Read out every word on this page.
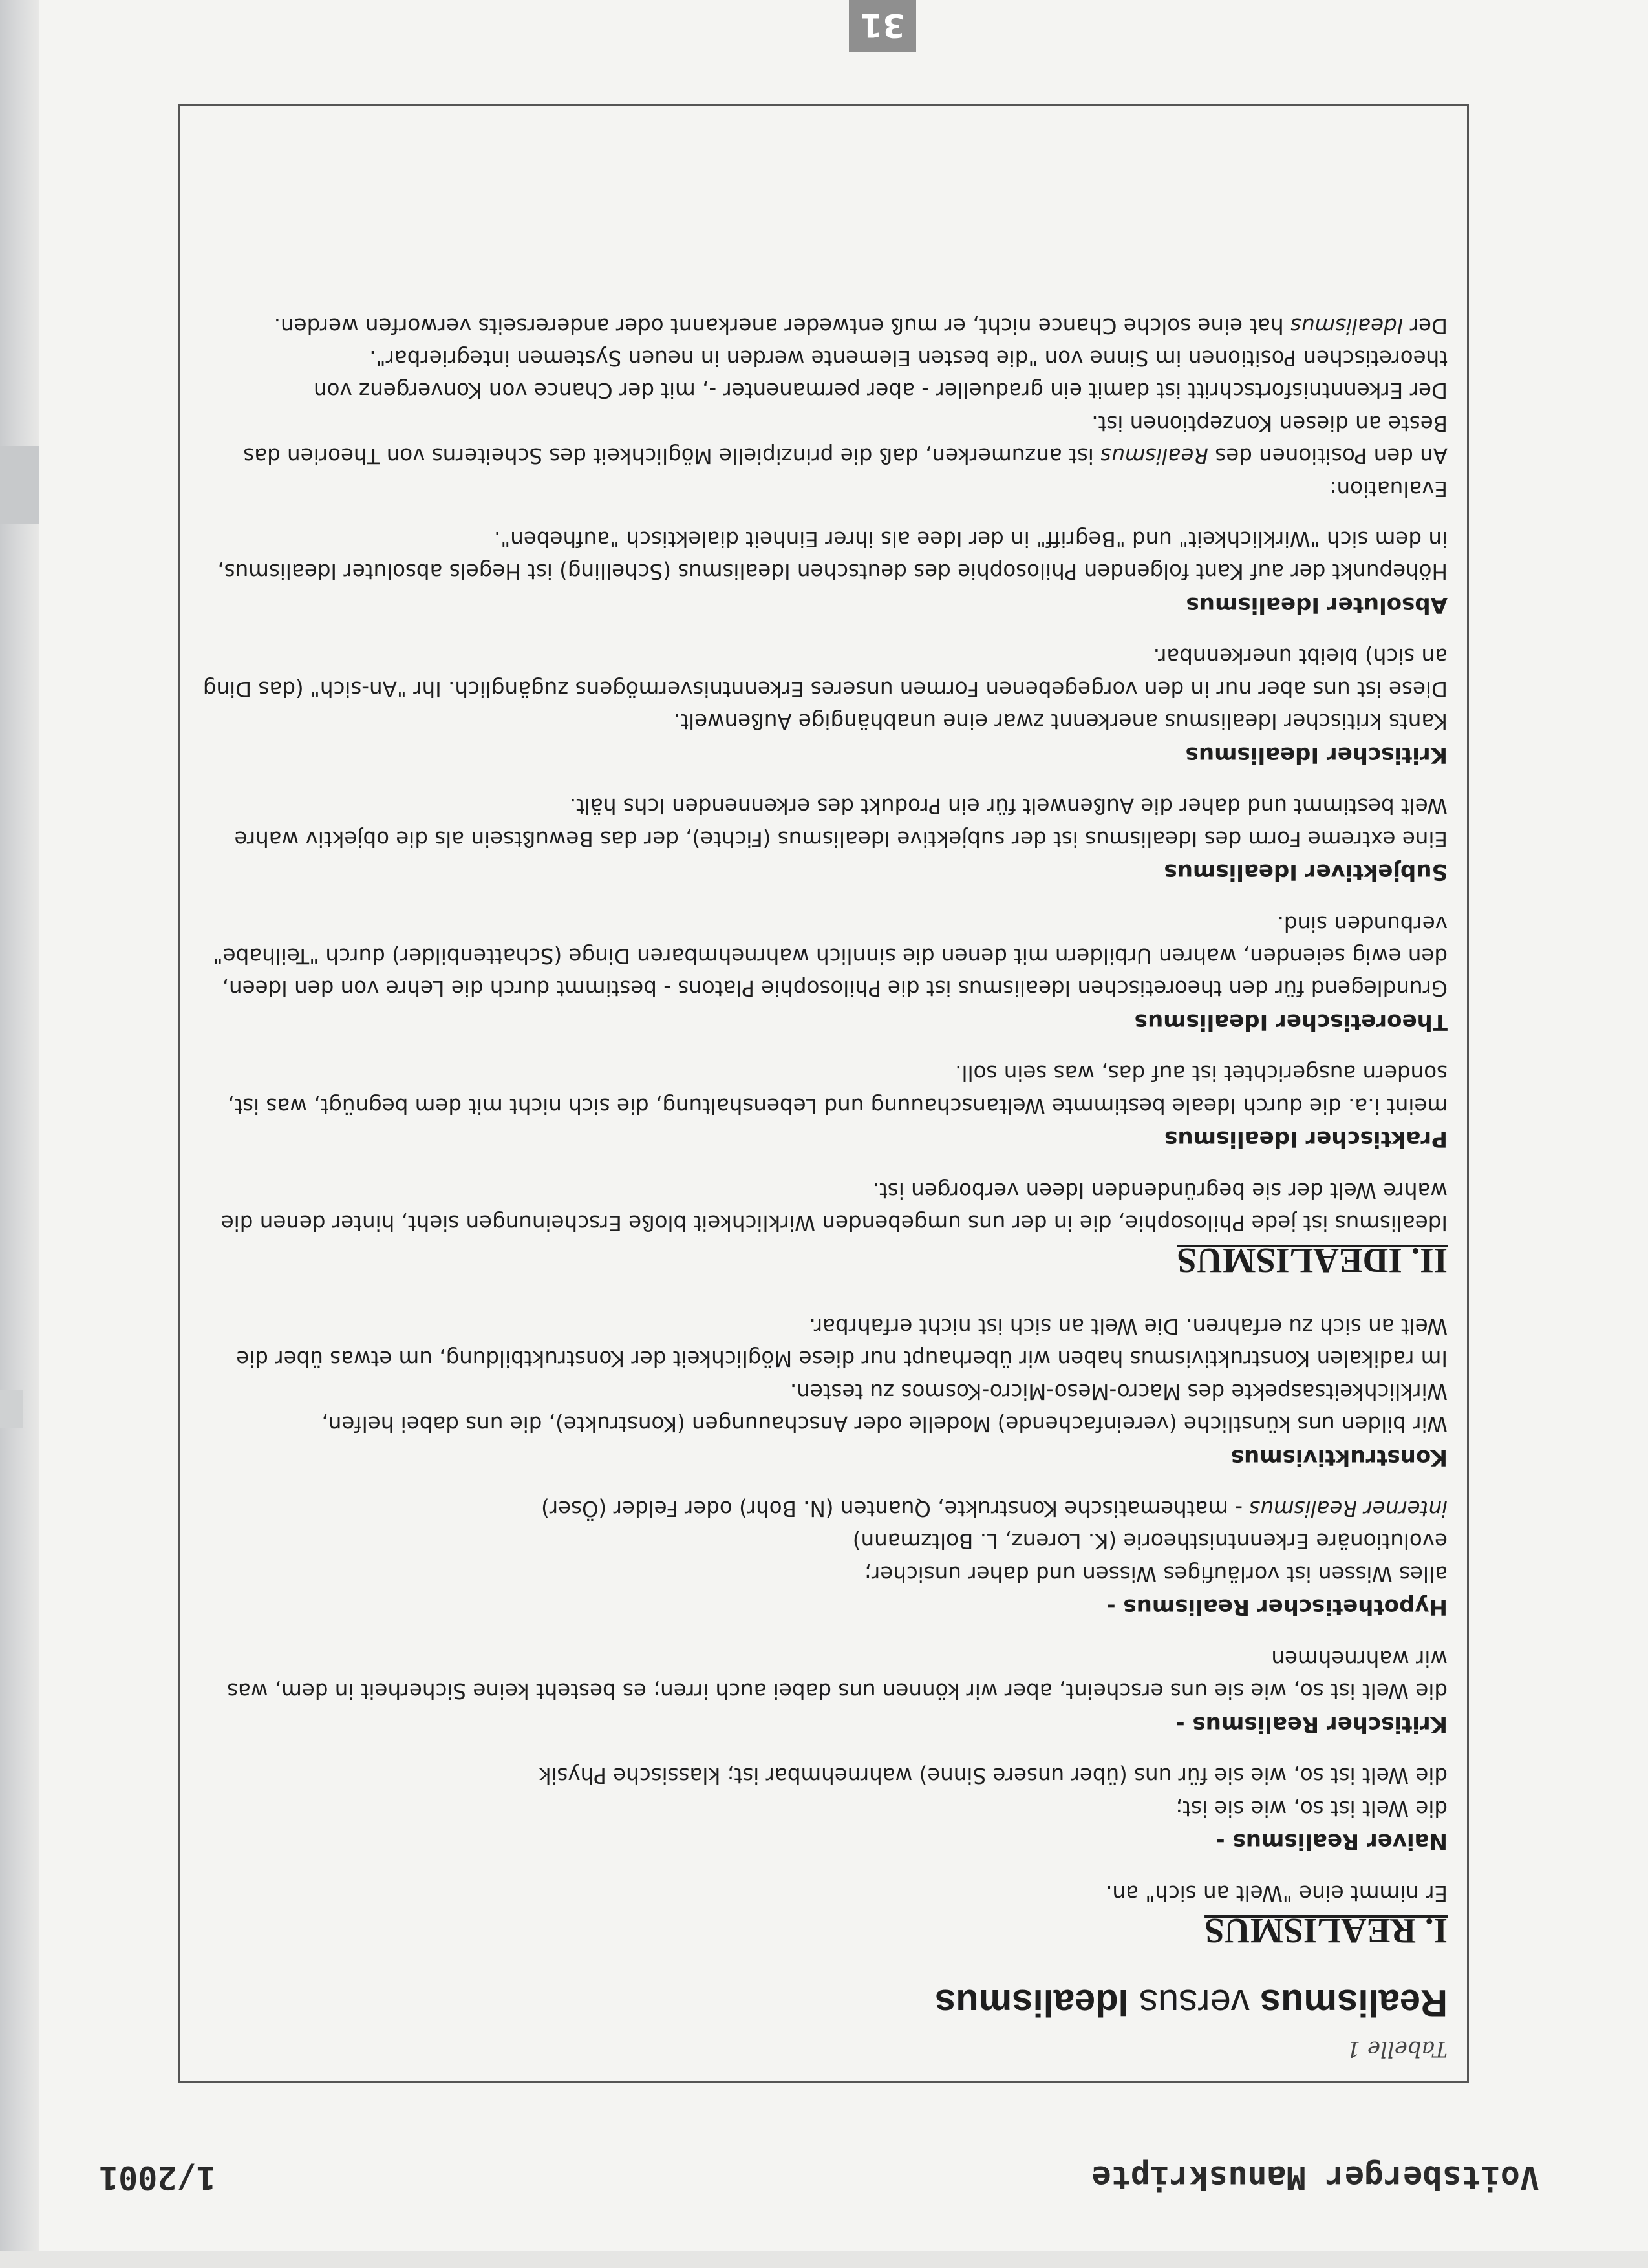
31
Voitsberger Manuskripte
1/2001

Tabelle 1

Realismus versus Idealismus

I. REALISMUS

Er nimmt eine "Welt an sich" an.

Naiver Realismus -

die Welt ist so, wie sie ist;

die Welt ist so, wie sie für uns (über unsere Sinne) wahrnehmbar ist; klassische Physik

Kritischer Realismus -

die Welt ist so, wie sie uns erscheint, aber wir können uns dabei auch irren; es besteht keine Sicherheit in dem, was wir wahrnehmen

Hypothetischer Realismus -

alles Wissen ist vorläufiges Wissen und daher unsicher;

evolutionäre Erkenntnistheorie (K. Lorenz, L. Boltzmann)

interner Realismus - mathematische Konstrukte, Quanten (N. Bohr) oder Felder (Öser)

Konstruktivismus

Wir bilden uns künstliche (vereinfachende) Modelle oder Anschauungen (Konstrukte), die uns dabei helfen, Wirklichkeitsaspekte des Macro-Meso-Micro-Kosmos zu testen.

Im radikalen Konstruktivismus haben wir überhaupt nur diese Möglichkeit der Konstruktbildung, um etwas über die Welt an sich zu erfahren. Die Welt an sich ist nicht erfahrbar.

II. IDEALISMUS

Idealismus ist jede Philosophie, die in der uns umgebenden Wirklichkeit bloße Erscheinungen sieht, hinter denen die wahre Welt der sie begründenden Ideen verborgen ist.

Praktischer Idealismus

meint i.a. die durch Ideale bestimmte Weltanschauung und Lebenshaltung, die sich nicht mit dem begnügt, was ist, sondern ausgerichtet ist auf das, was sein soll.

Theoretischer Idealismus

Grundlegend für den theoretischen Idealismus ist die Philosophie Platons - bestimmt durch die Lehre von den Ideen, den ewig seienden, wahren Urbildern mit denen die sinnlich wahrnehmbaren Dinge (Schattenbilder) durch "Teilhabe" verbunden sind.

Subjektiver Idealismus

Eine extreme Form des Idealismus ist der subjektive Idealismus (Fichte), der das Bewußtsein als die objektiv wahre Welt bestimmt und daher die Außenwelt für ein Produkt des erkennenden Ichs hält.

Kritischer Idealismus

Kants kritischer Idealismus anerkennt zwar eine unabhängige Außenwelt.

Diese ist uns aber nur in den vorgegebenen Formen unseres Erkenntnisvermögens zugänglich. Ihr "An-sich" (das Ding an sich) bleibt unerkennbar.

Absoluter Idealismus

Höhepunkt der auf Kant folgenden Philosophie des deutschen Idealismus (Schelling) ist Hegels absoluter Idealismus, in dem sich "Wirklichkeit" und "Begriff" in der Idee als ihrer Einheit dialektisch "aufheben".

Evaluation:

An den Positionen des Realismus ist anzumerken, daß die prinzipielle Möglichkeit des Scheiterns von Theorien das Beste an diesen Konzeptionen ist.

Der Erkenntnisfortschritt ist damit ein gradueller - aber permanenter -, mit der Chance von Konvergenz von theoretischen Positionen im Sinne von "die besten Elemente werden in neuen Systemen integrierbar".

Der Idealismus hat eine solche Chance nicht, er muß entweder anerkannt oder andererseits verworfen werden.
